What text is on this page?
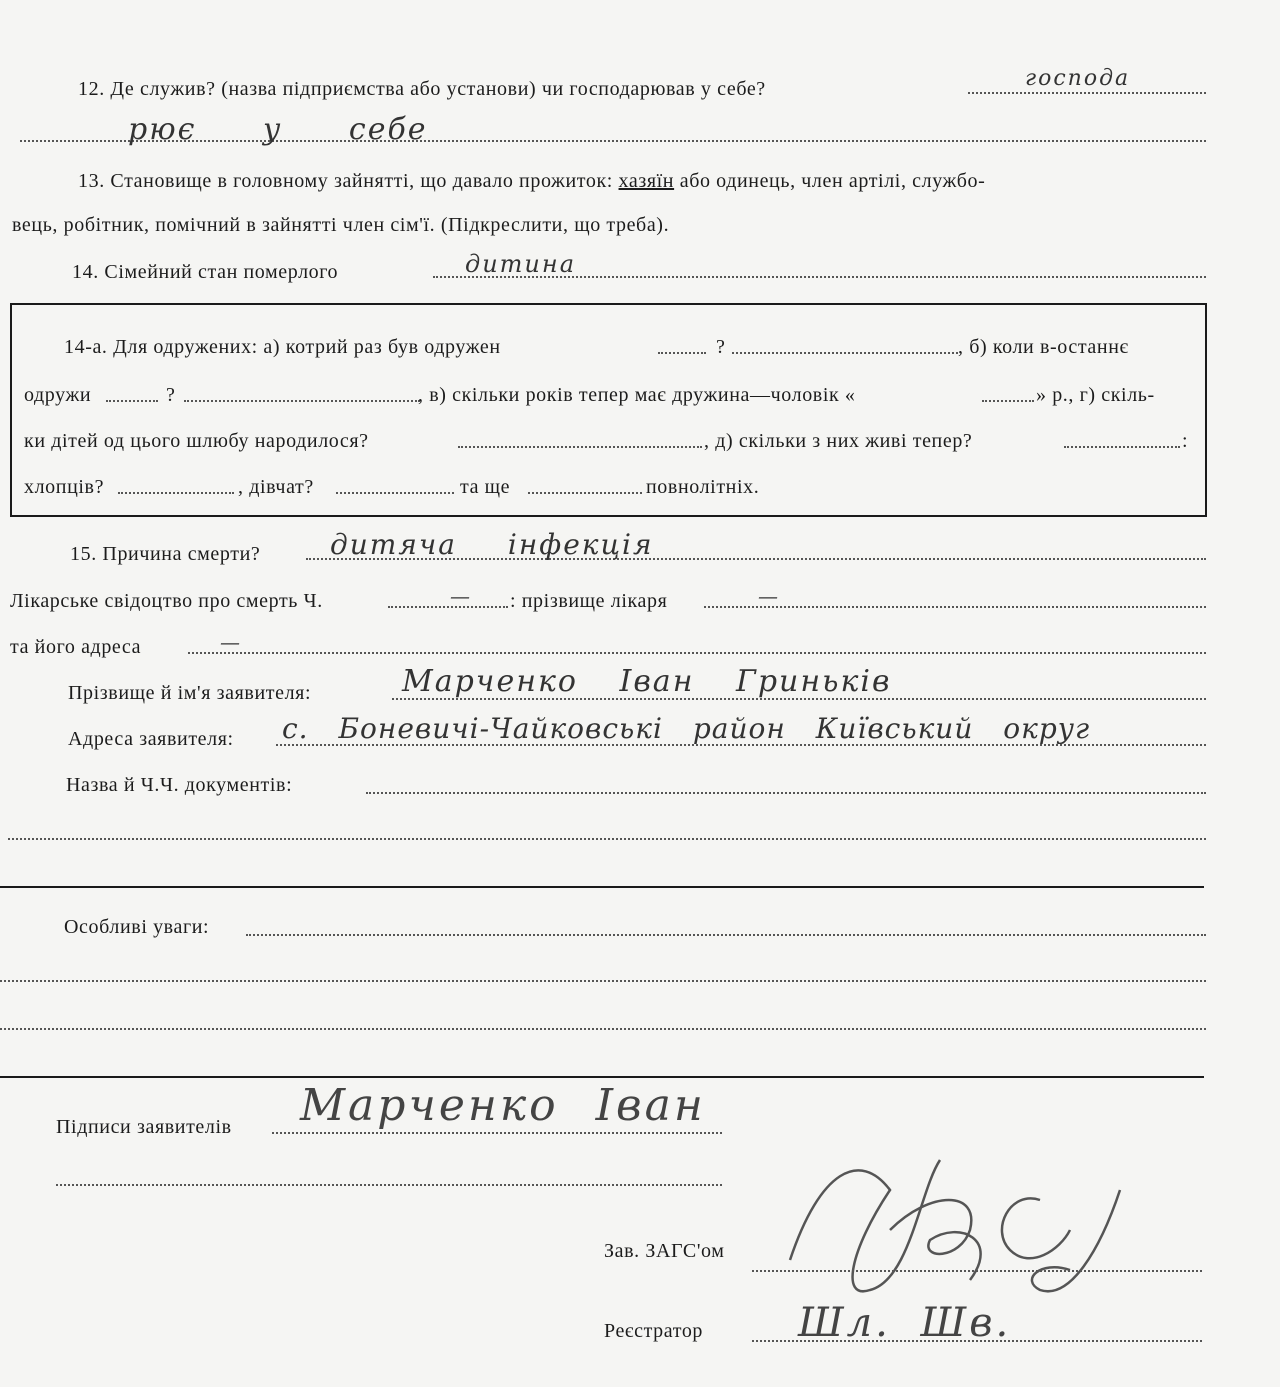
12. Де служив? (назва підприємства або установи) чи господарював у себе?	господа
рює у себе
13. Становище в головному зайнятті, що давало прожиток: хазяїн або одинець, член артілі, службо-
вець, робітник, помічний в зайнятті член сім'ї. (Підкреслити, що треба).
14. Сімейний стан померлого	дитина
14-а. Для одружених: а) котрий раз був одружен	?	, б) коли в-останнє
одружи	?	, в) скільки років тепер має дружина—чоловік «	» р., г) скіль-
ки дітей од цього шлюбу народилося?	, д) скільки з них живі тепер?	:
хлопців?	, дівчат?	та ще	повнолітніх.
15. Причина смерти? дитяча інфекція
Лікарське свідоцтво про смерть Ч.	— : прізвище лікаря	—
та його адреса	—
Прізвище й ім'я заявителя:	Марченко Іван Гриньків
Адреса заявителя: с. Боневичі-Чайковські район Київський округ
Назва й Ч.Ч. документів:
Особливі уваги:
Підписи заявителів Марченко Іван
Зав. ЗАГС'ом
Реєстратор Шл. Шв.
